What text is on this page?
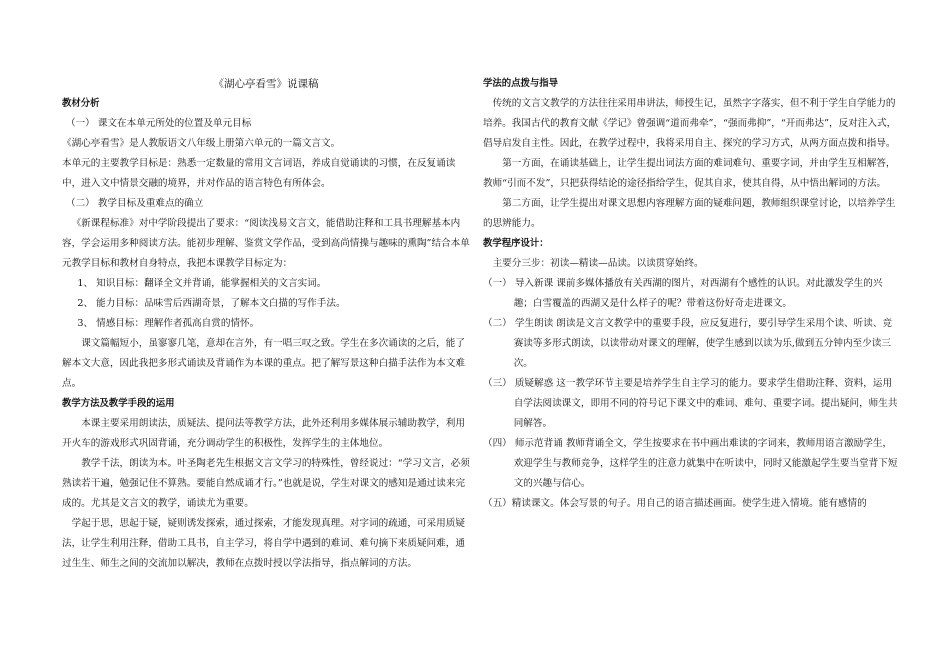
《湖心亭看雪》说课稿

教材分析

（一） 课文在本单元所处的位置及单元目标

《湖心亭看雪》是人教版语文八年级上册第六单元的一篇文言文。

本单元的主要教学目标是：熟悉一定数量的常用文言词语，养成自觉诵读的习惯，在反复诵读中，进入文中情景交融的境界，并对作品的语言特色有所体会。

（二） 教学目标及重难点的确立

《新课程标准》对中学阶段提出了要求：“阅读浅易文言文，能借助注释和工具书理解基本内容，学会运用多种阅读方法。能初步理解、鉴赏文学作品，受到高尚情操与趣味的熏陶”结合本单元教学目标和教材自身特点，我把本课教学目标定为：

1、 知识目标：翻译全文并背诵，能掌握相关的文言实词。

2、 能力目标：品味雪后西湖奇景，了解本文白描的写作手法。

3、 情感目标：理解作者孤高自赏的情怀。

课文篇幅短小，虽寥寥几笔，意却在言外，有一唱三叹之致。学生在多次诵读的之后，能了解本文大意，因此我把多形式诵读及背诵作为本课的重点。把了解写景这种白描手法作为本文难点。

教学方法及教学手段的运用

本课主要采用朗读法，质疑法、提问法等教学方法，此外还利用多媒体展示辅助教学，利用开火车的游戏形式巩固背诵，充分调动学生的积极性，发挥学生的主体地位。

教学千法，朗读为本。叶圣陶老先生根据文言文学习的特殊性，曾经说过：“学习文言，必须熟读若干遍，勉强记住不算熟。要能自然成诵才行。”也就是说，学生对课文的感知是通过读来完成的。尤其是文言文的教学，诵读尤为重要。

学起于思，思起于疑，疑则诱发探索，通过探索，才能发现真理。对字词的疏通，可采用质疑法，让学生利用注释，借助工具书，自主学习，将自学中遇到的难词、难句摘下来质疑问难，通过生生、师生之间的交流加以解决，教师在点拨时授以学法指导，指点解词的方法。

学法的点拨与指导

传统的文言文教学的方法往往采用串讲法，师授生记，虽然字字落实，但不利于学生自学能力的培养。我国古代的教育文献《学记》曾强调“道而弗牵”，“强而弗抑”，“开而弗达”，反对注入式，倡导启发自主性。因此，在教学过程中，我将采用自主、探究的学习方式，从两方面点拨和指导。

第一方面，在诵读基础上，让学生提出词法方面的难词难句、重要字词，并由学生互相解答，教师“引而不发”，只把获得结论的途径指给学生，促其自求，使其自得，从中悟出解词的方法。

第二方面，让学生提出对课文思想内容理解方面的疑难问题，教师组织课堂讨论，以培养学生的思辨能力。

教学程序设计：

主要分三步：初读—精读—品读。以读贯穿始终。

（一） 导入新课 课前多媒体播放有关西湖的图片，对西湖有个感性的认识。对此激发学生的兴趣；白雪覆盖的西湖又是什么样子的呢？带着这份好奇走进课文。

（二） 学生朗读 朗读是文言文教学中的重要手段，应反复进行，要引导学生采用个读、听读、竞赛读等多形式朗读，以读带动对课文的理解，使学生感到以读为乐,做到五分钟内至少读三次。

（三） 质疑解惑 这一教学环节主要是培养学生自主学习的能力。要求学生借助注释、资料，运用自学法阅读课文，即用不同的符号记下课文中的难词、难句、重要字词。提出疑问，师生共同解答。

（四） 师示范背诵 教师背诵全文，学生按要求在书中画出难读的字词来，教师用语言激励学生，欢迎学生与教师竞争，这样学生的注意力就集中在听读中，同时又能激起学生要当堂背下短文的兴趣与信心。

（五）精读课文。体会写景的句子。用自己的语言描述画面。使学生进入情境。能有感情的
